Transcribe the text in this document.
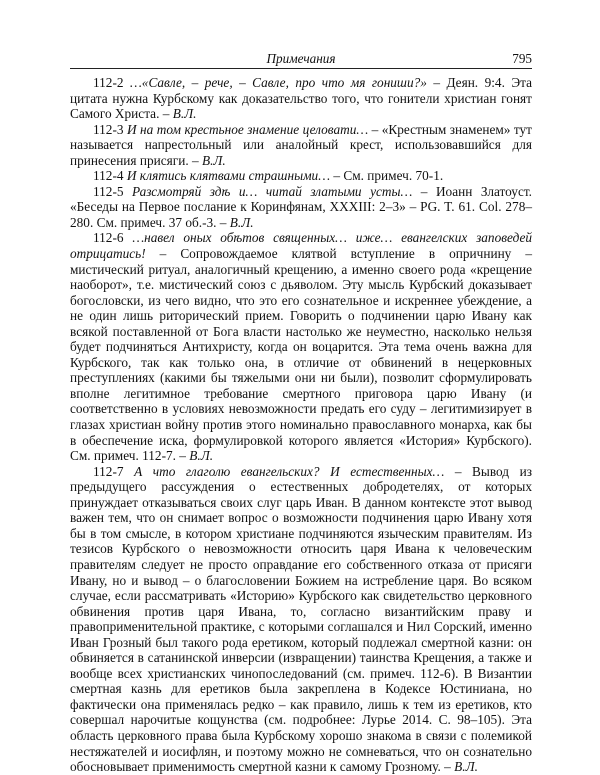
Примечания	795

112-2 …«Савле, – рече, – Савле, про что мя гониши?» – Деян. 9:4. Эта цитата нужна Курбскому как доказательство того, что гонители христиан гонят Самого Христа. – В.Л.

112-3 И на том крестьное знамение целовати… – «Крестным знаменем» тут называется напрестольный или аналойный крест, использовавшийся для принесения присяги. – В.Л.

112-4 И клятись клятвами страшными… – См. примеч. 70-1.

112-5 Разсмотряй здѣ и… читай златыми усты… – Иоанн Златоуст. «Беседы на Первое послание к Коринфянам, XXXIII: 2–3» – PG. T. 61. Col. 278–280. См. примеч. 37 об.-3. – В.Л.

112-6 …навел оных обѣтов священных… иже… евангелских заповедей отрицатись! – Сопровождаемое клятвой вступление в опричнину – мистический ритуал, аналогичный крещению, а именно своего рода «крещение наоборот», т.е. мистический союз с дьяволом. Эту мысль Курбский доказывает богословски, из чего видно, что это его сознательное и искреннее убеждение, а не один лишь риторический прием. Говорить о подчинении царю Ивану как всякой поставленной от Бога власти настолько же неуместно, насколько нельзя будет подчиняться Антихристу, когда он воцарится. Эта тема очень важна для Курбского, так как только она, в отличие от обвинений в нецерковных преступлениях (какими бы тяжелыми они ни были), позволит сформулировать вполне легитимное требование смертного приговора царю Ивану (и соответственно в условиях невозможности предать его суду – легитимизирует в глазах христиан войну против этого номинально православного монарха, как бы в обеспечение иска, формулировкой которого является «История» Курбского). См. примеч. 112-7. – В.Л.

112-7 А что глаголю евангельских? И естественных… – Вывод из предыдущего рассуждения о естественных добродетелях, от которых принуждает отказываться своих слуг царь Иван. В данном контексте этот вывод важен тем, что он снимает вопрос о возможности подчинения царю Ивану хотя бы в том смысле, в котором христиане подчиняются языческим правителям. Из тезисов Курбского о невозможности относить царя Ивана к человеческим правителям следует не просто оправдание его собственного отказа от присяги Ивану, но и вывод – о благословении Божием на истребление царя. Во всяком случае, если рассматривать «Историю» Курбского как свидетельство церковного обвинения против царя Ивана, то, согласно византийским праву и правоприменительной практике, с которыми соглашался и Нил Сорский, именно Иван Грозный был такого рода еретиком, который подлежал смертной казни: он обвиняется в сатанинской инверсии (извращении) таинства Крещения, а также и вообще всех христианских чинопоследований (см. примеч. 112-6). В Византии смертная казнь для еретиков была закреплена в Кодексе Юстиниана, но фактически она применялась редко – как правило, лишь к тем из еретиков, кто совершал нарочитые кощунства (см. подробнее: Лурье 2014. С. 98–105). Эта область церковного права была Курбскому хорошо знакома в связи с полемикой нестяжателей и иосифлян, и поэтому можно не сомневаться, что он сознательно обосновывает применимость смертной казни к самому Грозному. – В.Л.
